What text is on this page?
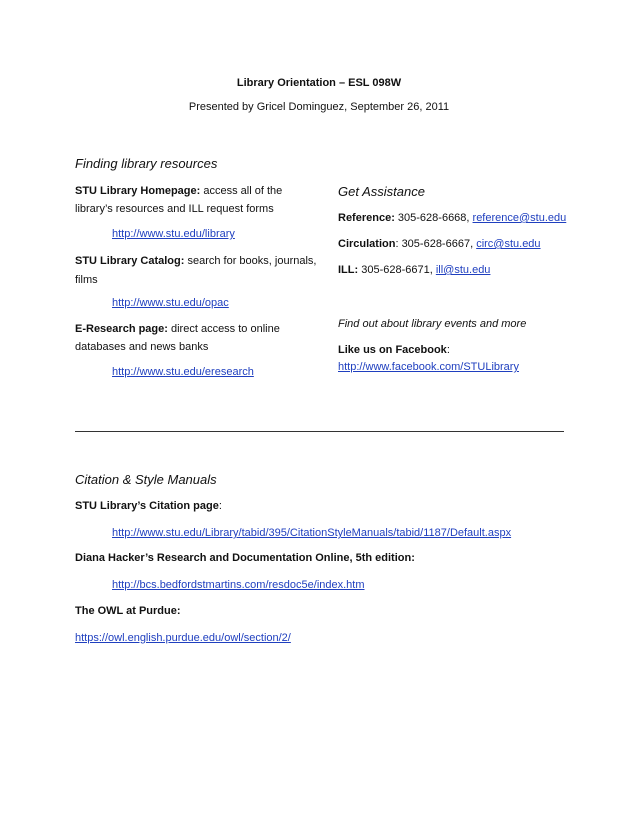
Library Orientation – ESL 098W
Presented by Gricel Dominguez, September 26, 2011
Finding library resources
STU Library Homepage: access all of the
library’s resources and ILL request forms
http://www.stu.edu/library
STU Library Catalog: search for books, journals,
films
http://www.stu.edu/opac
E-Research page: direct access to online
databases and news banks
http://www.stu.edu/eresearch
Get Assistance
Reference: 305-628-6668, reference@stu.edu
Circulation: 305-628-6667, circ@stu.edu
ILL: 305-628-6671, ill@stu.edu
Find out about library events and more
Like us on Facebook:
http://www.facebook.com/STULibrary
Citation & Style Manuals
STU Library’s Citation page:
http://www.stu.edu/Library/tabid/395/CitationStyleManuals/tabid/1187/Default.aspx
Diana Hacker’s Research and Documentation Online, 5th edition:
http://bcs.bedfordstmartins.com/resdoc5e/index.htm
The OWL at Purdue:
https://owl.english.purdue.edu/owl/section/2/
